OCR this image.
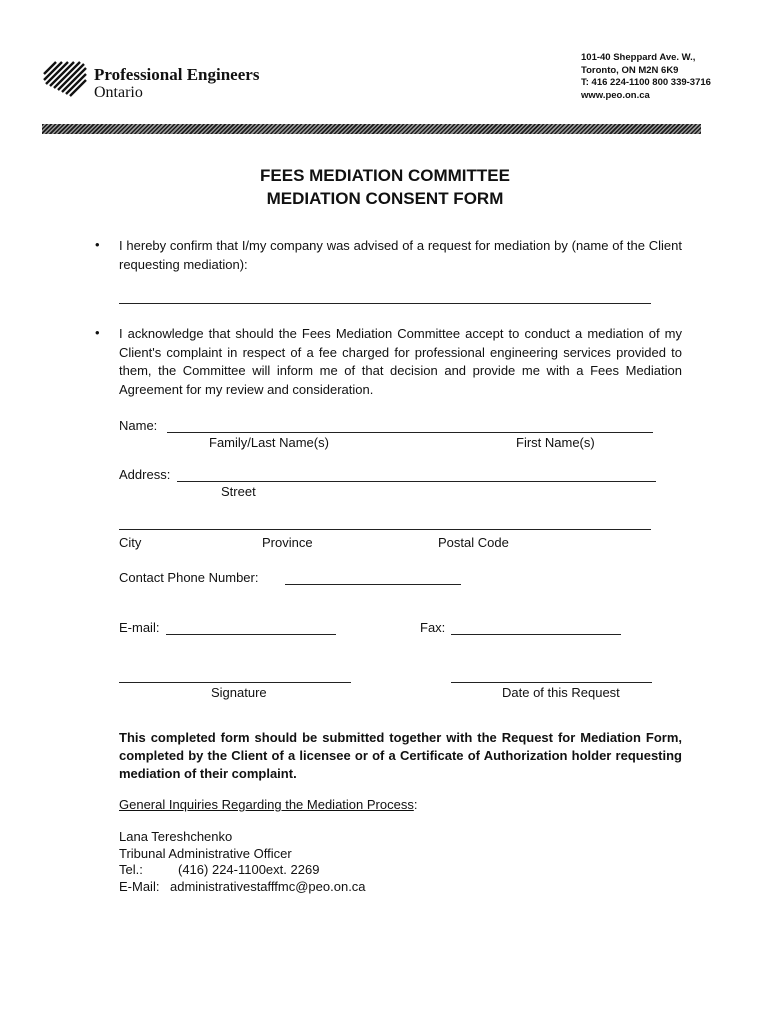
Professional Engineers
Ontario
101-40 Sheppard Ave. W.,
Toronto, ON M2N 6K9
T: 416 224-1100 800 339-3716
www.peo.on.ca
FEES MEDIATION COMMITTEE
MEDIATION CONSENT FORM
• I hereby confirm that I/my company was advised of a request for mediation by (name of the Client requesting mediation):
• I acknowledge that should the Fees Mediation Committee accept to conduct a mediation of my Client's complaint in respect of a fee charged for professional engineering services provided to them, the Committee will inform me of that decision and provide me with a Fees Mediation Agreement for my review and consideration.
Name:
Family/Last Name(s)	First Name(s)
Address:
Street
City	Province	Postal Code
Contact Phone Number:
E-mail:	Fax:
Signature	Date of this Request
This completed form should be submitted together with the Request for Mediation Form, completed by the Client of a licensee or of a Certificate of Authorization holder requesting mediation of their complaint.
General Inquiries Regarding the Mediation Process:
Lana Tereshchenko
Tribunal Administrative Officer
Tel.:	(416) 224-1100ext. 2269
E-Mail: administrativestafffmc@peo.on.ca
